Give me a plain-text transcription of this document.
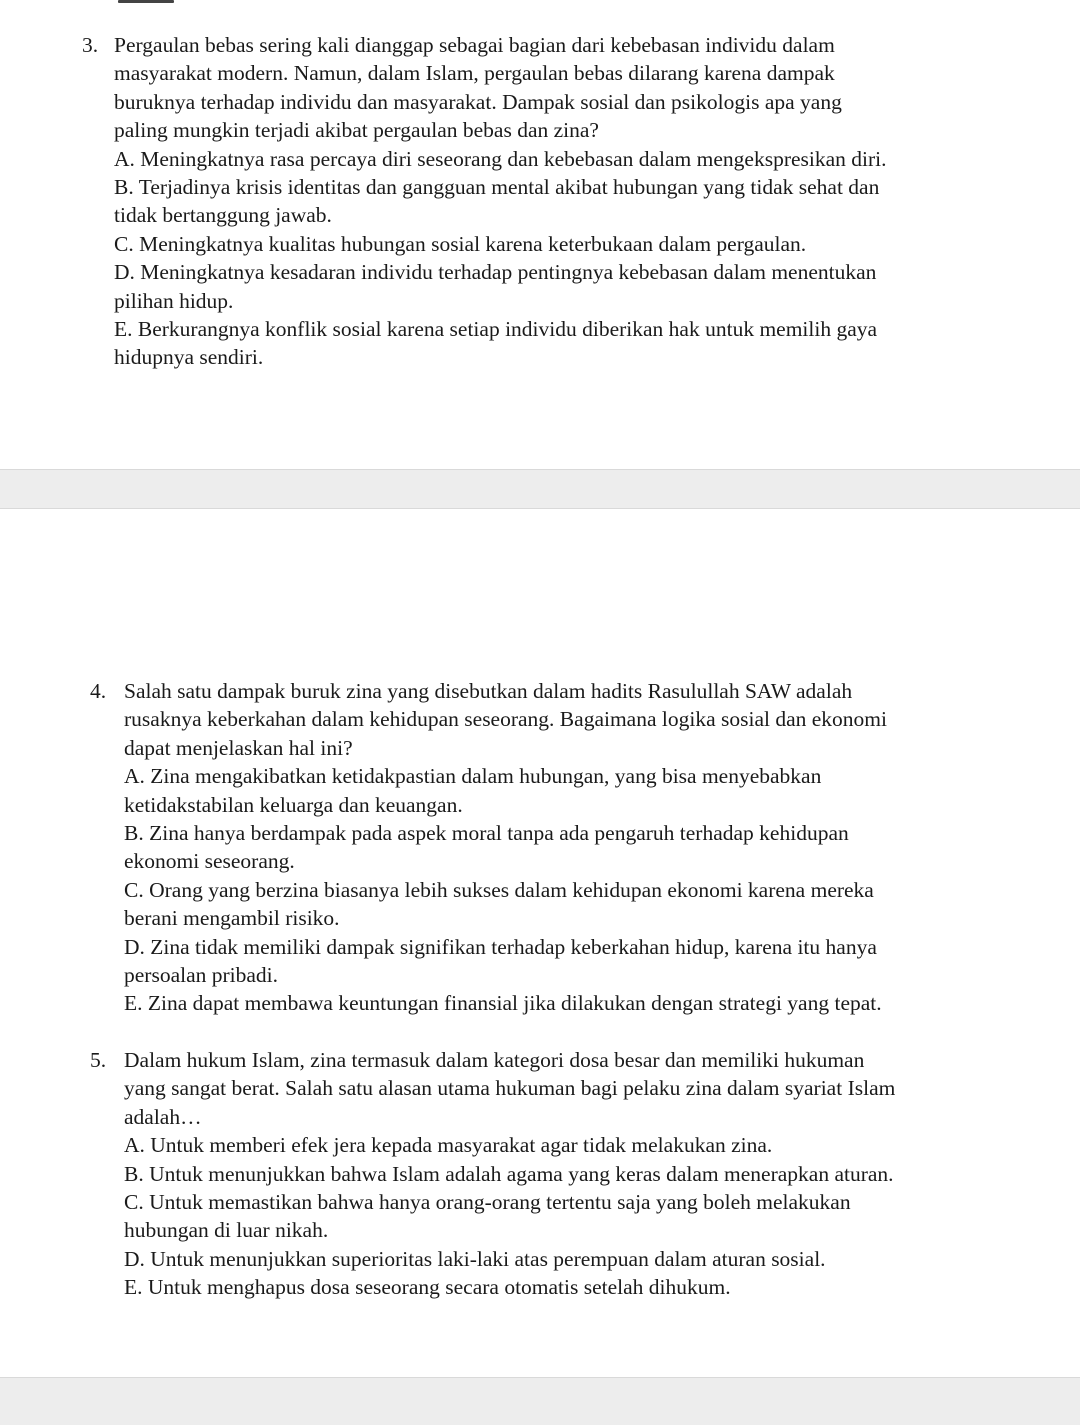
3. Pergaulan bebas sering kali dianggap sebagai bagian dari kebebasan individu dalam

masyarakat modern. Namun, dalam Islam, pergaulan bebas dilarang karena dampak

buruknya terhadap individu dan masyarakat. Dampak sosial dan psikologis apa yang

paling mungkin terjadi akibat pergaulan bebas dan zina?

A. Meningkatnya rasa percaya diri seseorang dan kebebasan dalam mengekspresikan diri.

B. Terjadinya krisis identitas dan gangguan mental akibat hubungan yang tidak sehat dan

tidak bertanggung jawab.

C. Meningkatnya kualitas hubungan sosial karena keterbukaan dalam pergaulan.

D. Meningkatnya kesadaran individu terhadap pentingnya kebebasan dalam menentukan

pilihan hidup.

E. Berkurangnya konflik sosial karena setiap individu diberikan hak untuk memilih gaya

hidupnya sendiri.

4. Salah satu dampak buruk zina yang disebutkan dalam hadits Rasulullah SAW adalah

rusaknya keberkahan dalam kehidupan seseorang. Bagaimana logika sosial dan ekonomi

dapat menjelaskan hal ini?

A. Zina mengakibatkan ketidakpastian dalam hubungan, yang bisa menyebabkan

ketidakstabilan keluarga dan keuangan.

B. Zina hanya berdampak pada aspek moral tanpa ada pengaruh terhadap kehidupan

ekonomi seseorang.

C. Orang yang berzina biasanya lebih sukses dalam kehidupan ekonomi karena mereka

berani mengambil risiko.

D. Zina tidak memiliki dampak signifikan terhadap keberkahan hidup, karena itu hanya

persoalan pribadi.

E. Zina dapat membawa keuntungan finansial jika dilakukan dengan strategi yang tepat.

5. Dalam hukum Islam, zina termasuk dalam kategori dosa besar dan memiliki hukuman

yang sangat berat. Salah satu alasan utama hukuman bagi pelaku zina dalam syariat Islam

adalah…

A. Untuk memberi efek jera kepada masyarakat agar tidak melakukan zina.

B. Untuk menunjukkan bahwa Islam adalah agama yang keras dalam menerapkan aturan.

C. Untuk memastikan bahwa hanya orang-orang tertentu saja yang boleh melakukan

hubungan di luar nikah.

D. Untuk menunjukkan superioritas laki-laki atas perempuan dalam aturan sosial.

E. Untuk menghapus dosa seseorang secara otomatis setelah dihukum.
